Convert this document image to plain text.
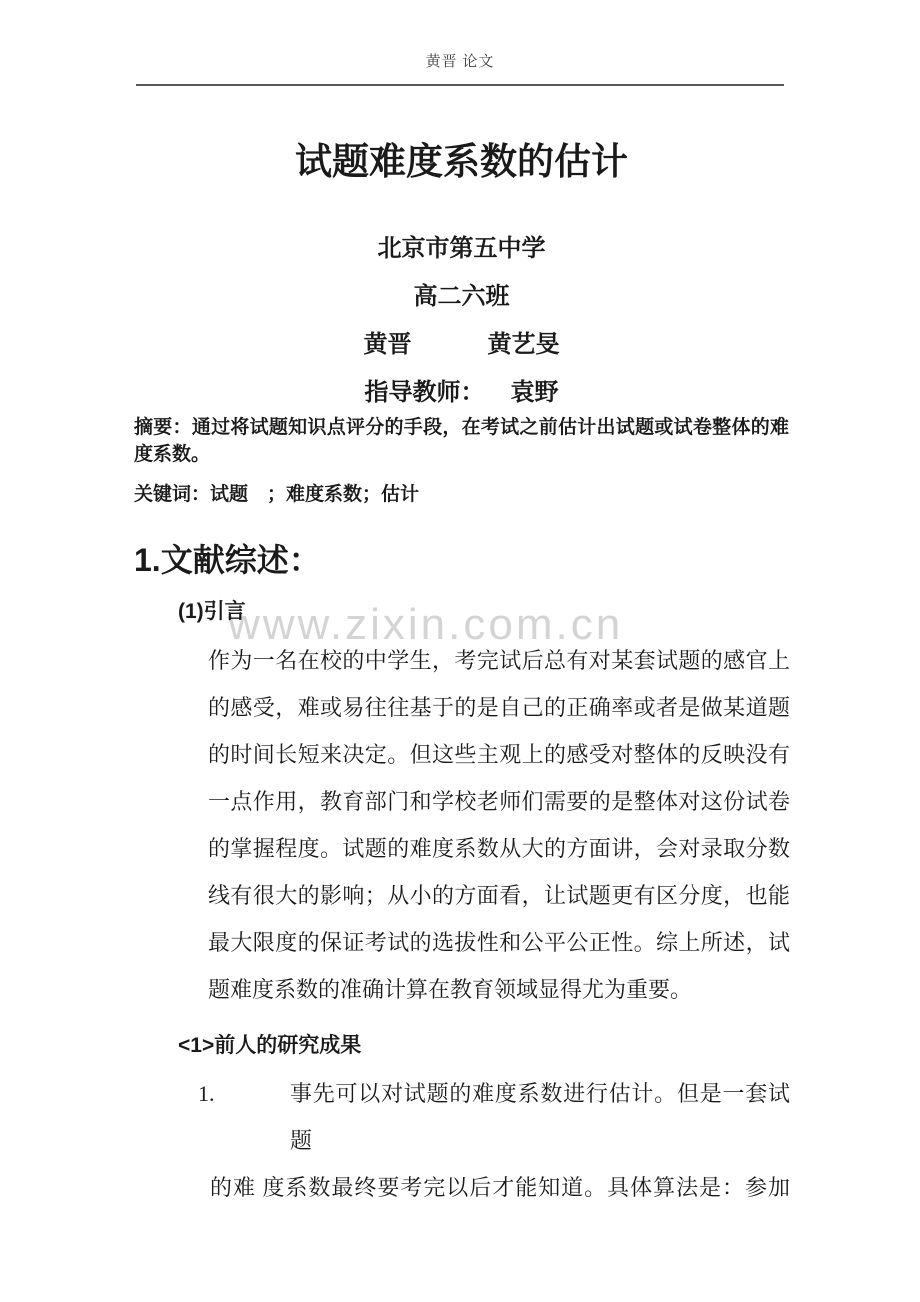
www.zixin.com.cn
黄晋 论文
试题难度系数的估计
北京市第五中学
高二六班
黄晋	黄艺旻
指导教师： 袁野
摘要：通过将试题知识点评分的手段，在考试之前估计出试题或试卷整体的难
度系数。
关键词：试题　；难度系数；估计
1.文献综述：
(1)引言
作为一名在校的中学生，考完试后总有对某套试题的感官上
的感受，难或易往往基于的是自己的正确率或者是做某道题
的时间长短来决定。但这些主观上的感受对整体的反映没有
一点作用，教育部门和学校老师们需要的是整体对这份试卷
的掌握程度。试题的难度系数从大的方面讲，会对录取分数
线有很大的影响；从小的方面看，让试题更有区分度，也能
最大限度的保证考试的选拔性和公平公正性。综上所述，试
题难度系数的准确计算在教育领域显得尤为重要。
<1>前人的研究成果
1.	事先可以对试题的难度系数进行估计。但是一套试题
的难 度系数最终要考完以后才能知道。具体算法是：参加
